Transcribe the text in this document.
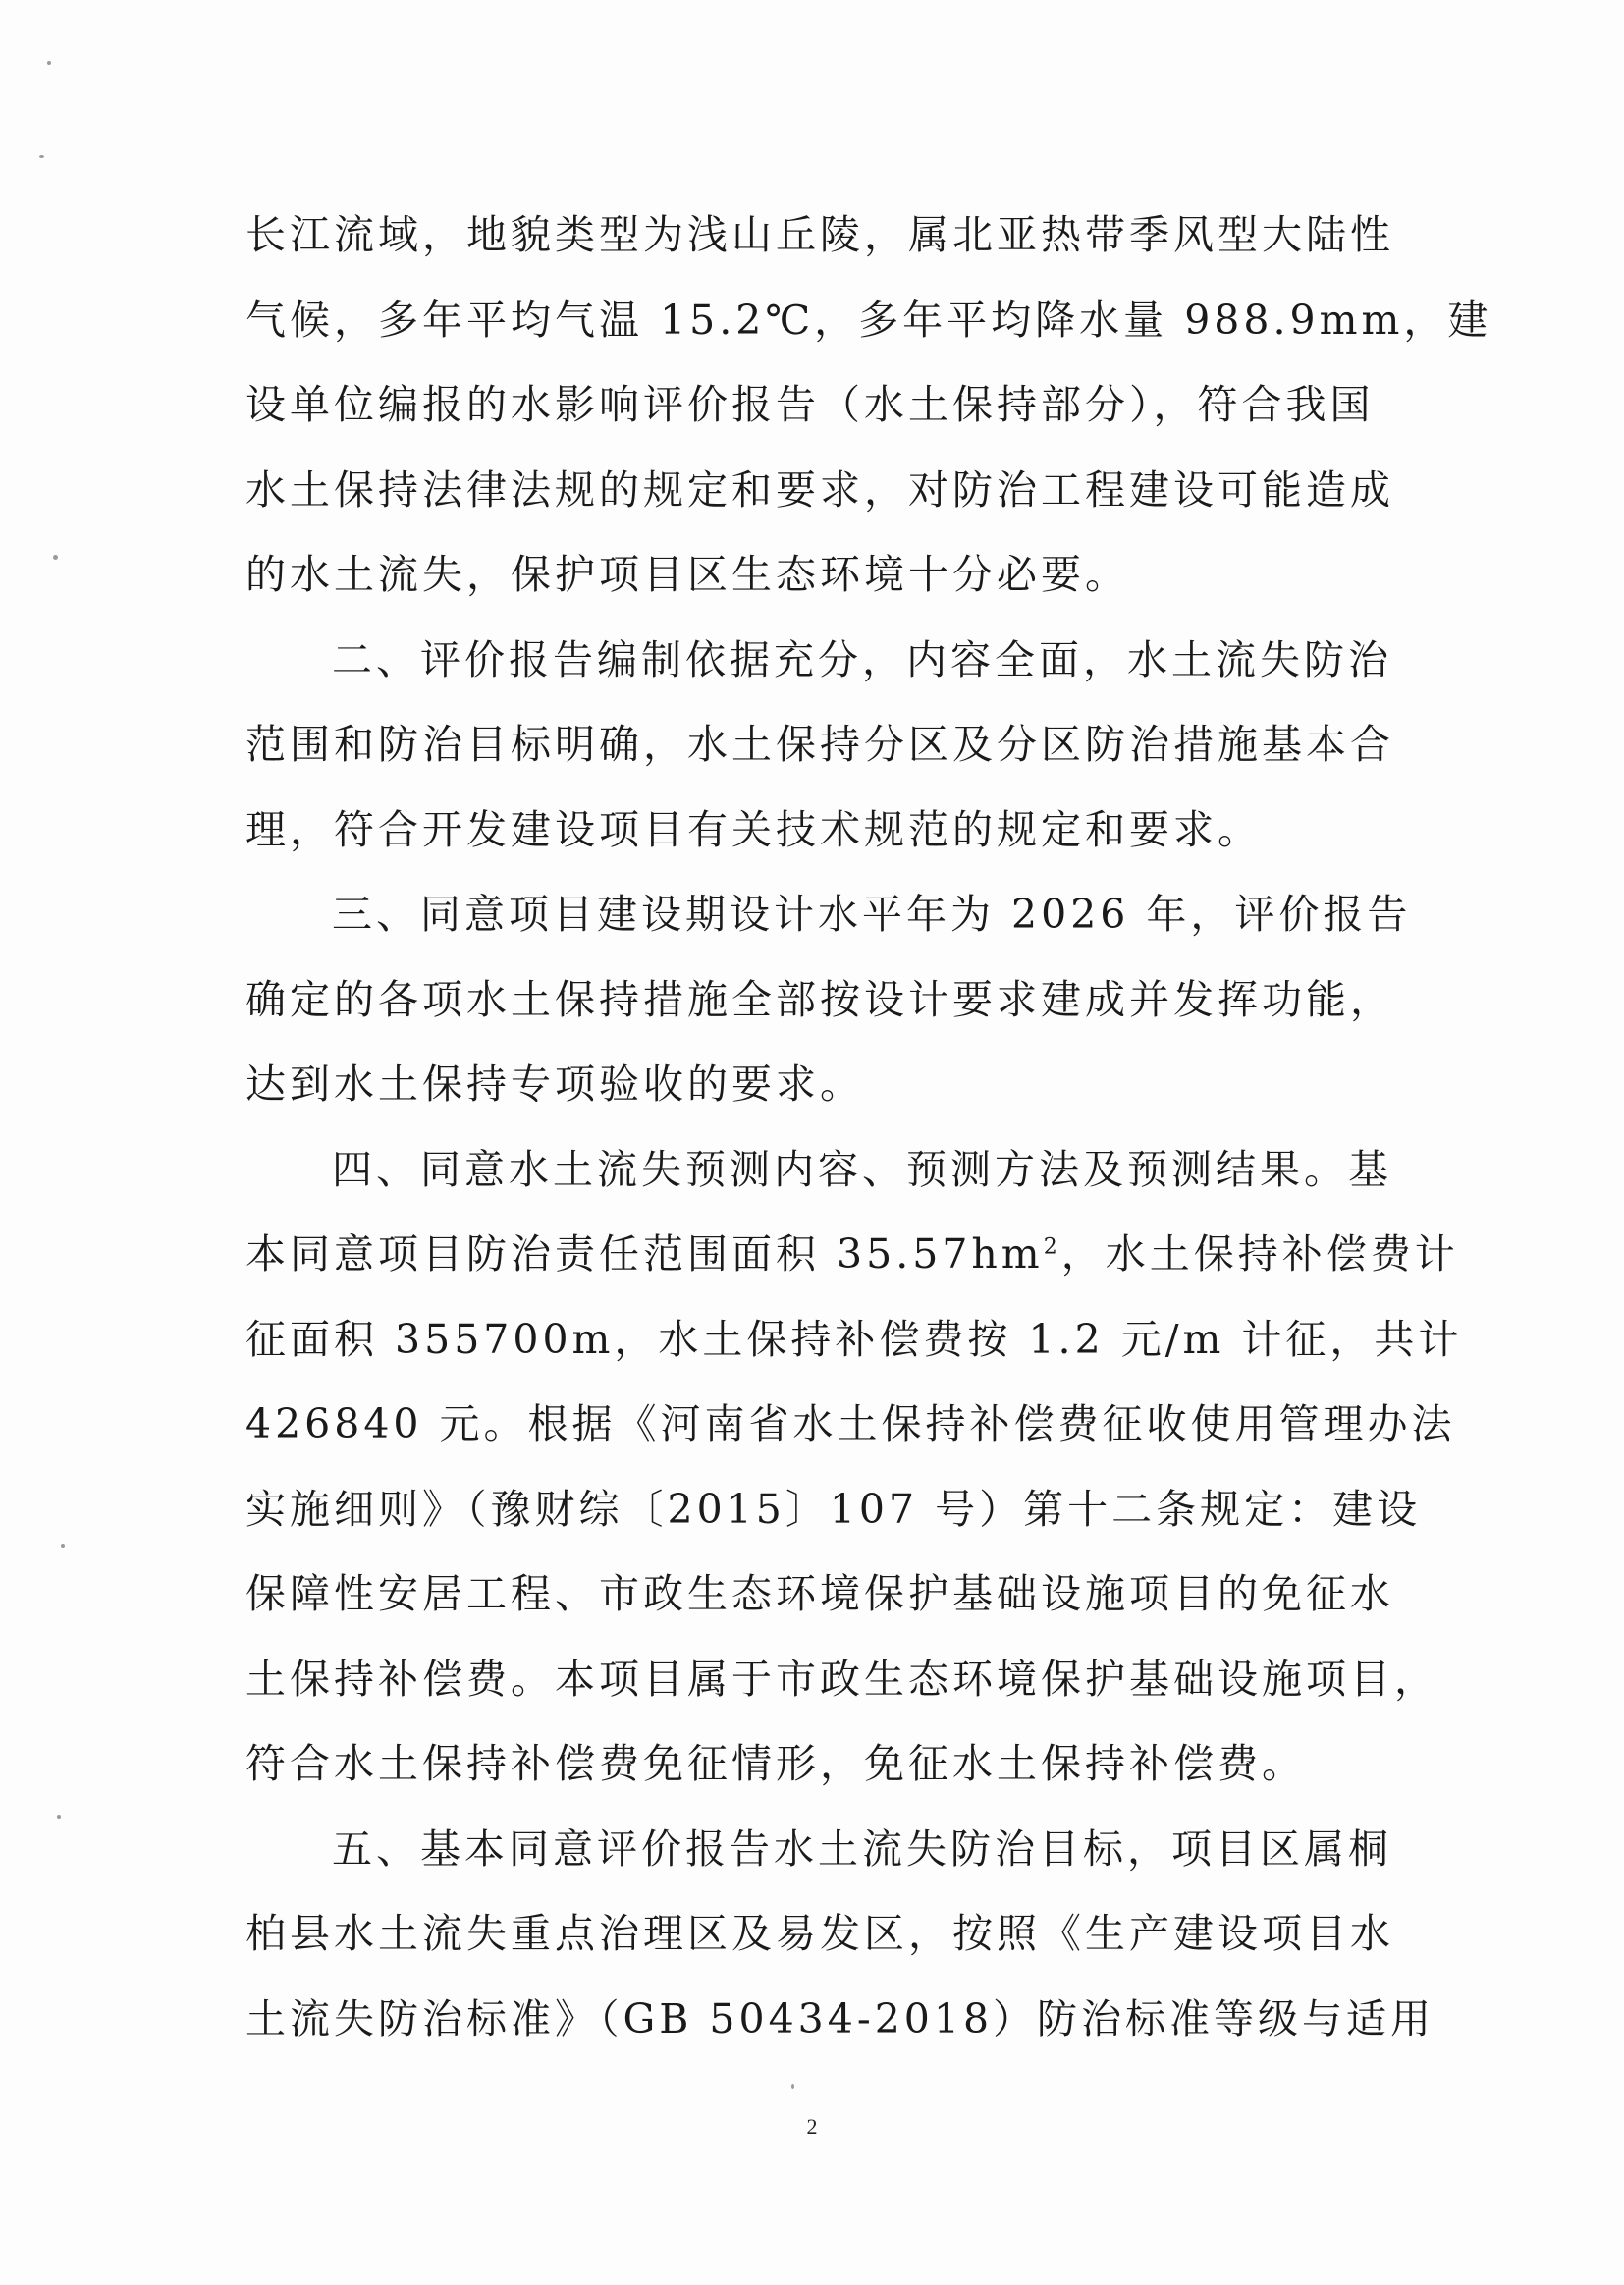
长江流域，地貌类型为浅山丘陵，属北亚热带季风型大陆性
气候，多年平均气温 15.2℃，多年平均降水量 988.9mm，建
设单位编报的水影响评价报告（水土保持部分），符合我国
水土保持法律法规的规定和要求，对防治工程建设可能造成
的水土流失，保护项目区生态环境十分必要。
二、评价报告编制依据充分，内容全面，水土流失防治
范围和防治目标明确，水土保持分区及分区防治措施基本合
理，符合开发建设项目有关技术规范的规定和要求。
三、同意项目建设期设计水平年为 2026 年，评价报告
确定的各项水土保持措施全部按设计要求建成并发挥功能，
达到水土保持专项验收的要求。
四、同意水土流失预测内容、预测方法及预测结果。基
本同意项目防治责任范围面积 $35.57hm^2$，水土保持补偿费计
征面积 355700m，水土保持补偿费按 1.2 元/m 计征，共计
426840 元。根据《河南省水土保持补偿费征收使用管理办法
实施细则》（豫财综〔2015〕107 号）第十二条规定：建设
保障性安居工程、市政生态环境保护基础设施项目的免征水
土保持补偿费。本项目属于市政生态环境保护基础设施项目，
符合水土保持补偿费免征情形，免征水土保持补偿费。
五、基本同意评价报告水土流失防治目标，项目区属桐
柏县水土流失重点治理区及易发区，按照《生产建设项目水
土流失防治标准》（GB 50434-2018）防治标准等级与适用
2
